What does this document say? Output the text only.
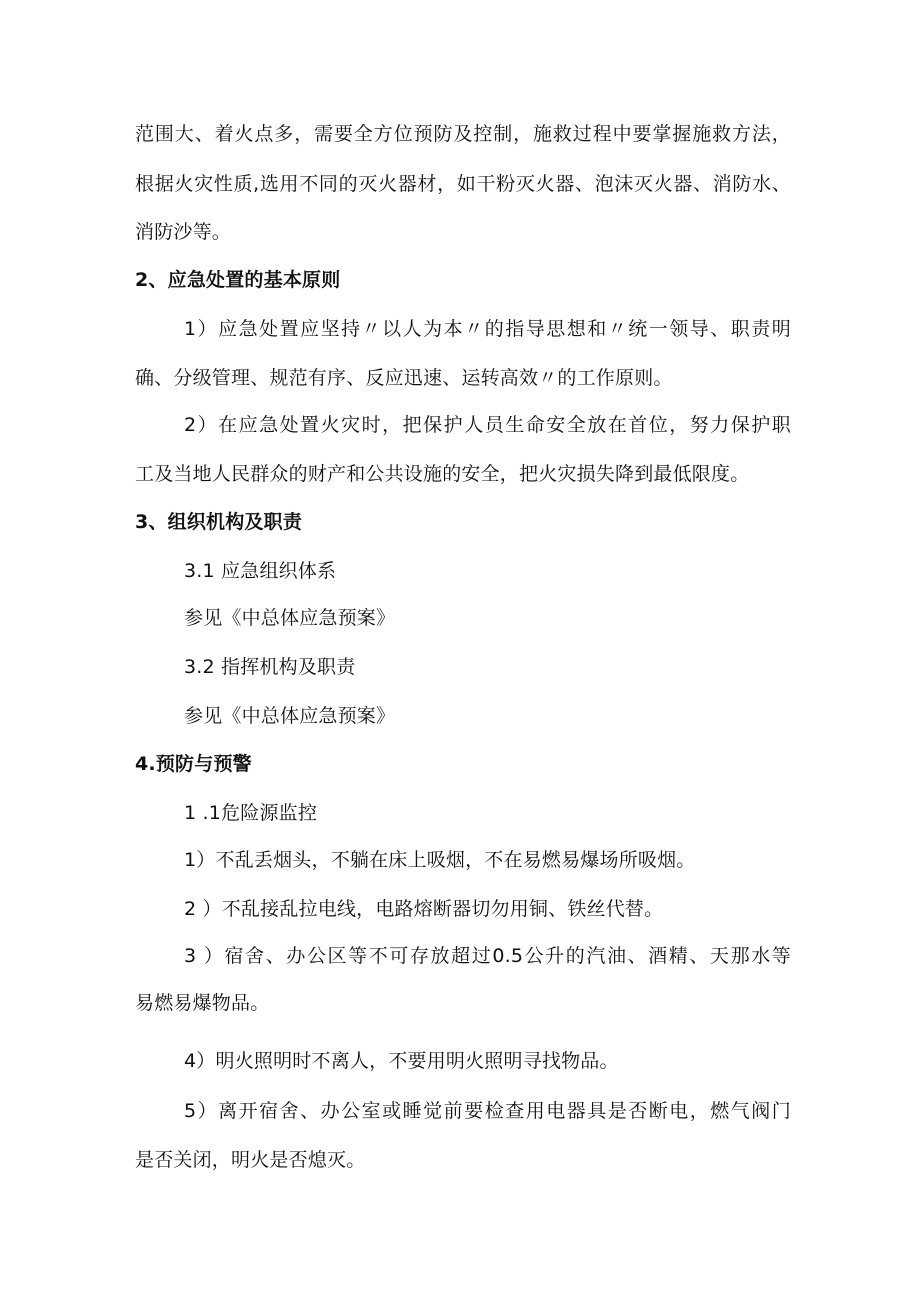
范围大、着火点多，需要全方位预防及控制，施救过程中要掌握施救方法，

根据火灾性质,选用不同的灭火器材，如干粉灭火器、泡沫灭火器、消防水、

消防沙等。

2、应急处置的基本原则

1）应急处置应坚持〃以人为本〃的指导思想和〃统一领导、职责明

确、分级管理、规范有序、反应迅速、运转高效〃的工作原则。

2）在应急处置火灾时，把保护人员生命安全放在首位，努力保护职

工及当地人民群众的财产和公共设施的安全，把火灾损失降到最低限度。

3、组织机构及职责

3.1 应急组织体系

参见《中总体应急预案》

3.2 指挥机构及职责

参见《中总体应急预案》

4.预防与预警

1 .1危险源监控

1）不乱丢烟头，不躺在床上吸烟，不在易燃易爆场所吸烟。

2 ）不乱接乱拉电线，电路熔断器切勿用铜、铁丝代替。

3 ）宿舍、办公区等不可存放超过0.5公升的汽油、酒精、天那水等

易燃易爆物品。

4）明火照明时不离人，不要用明火照明寻找物品。

5）离开宿舍、办公室或睡觉前要检查用电器具是否断电，燃气阀门

是否关闭，明火是否熄灭。
